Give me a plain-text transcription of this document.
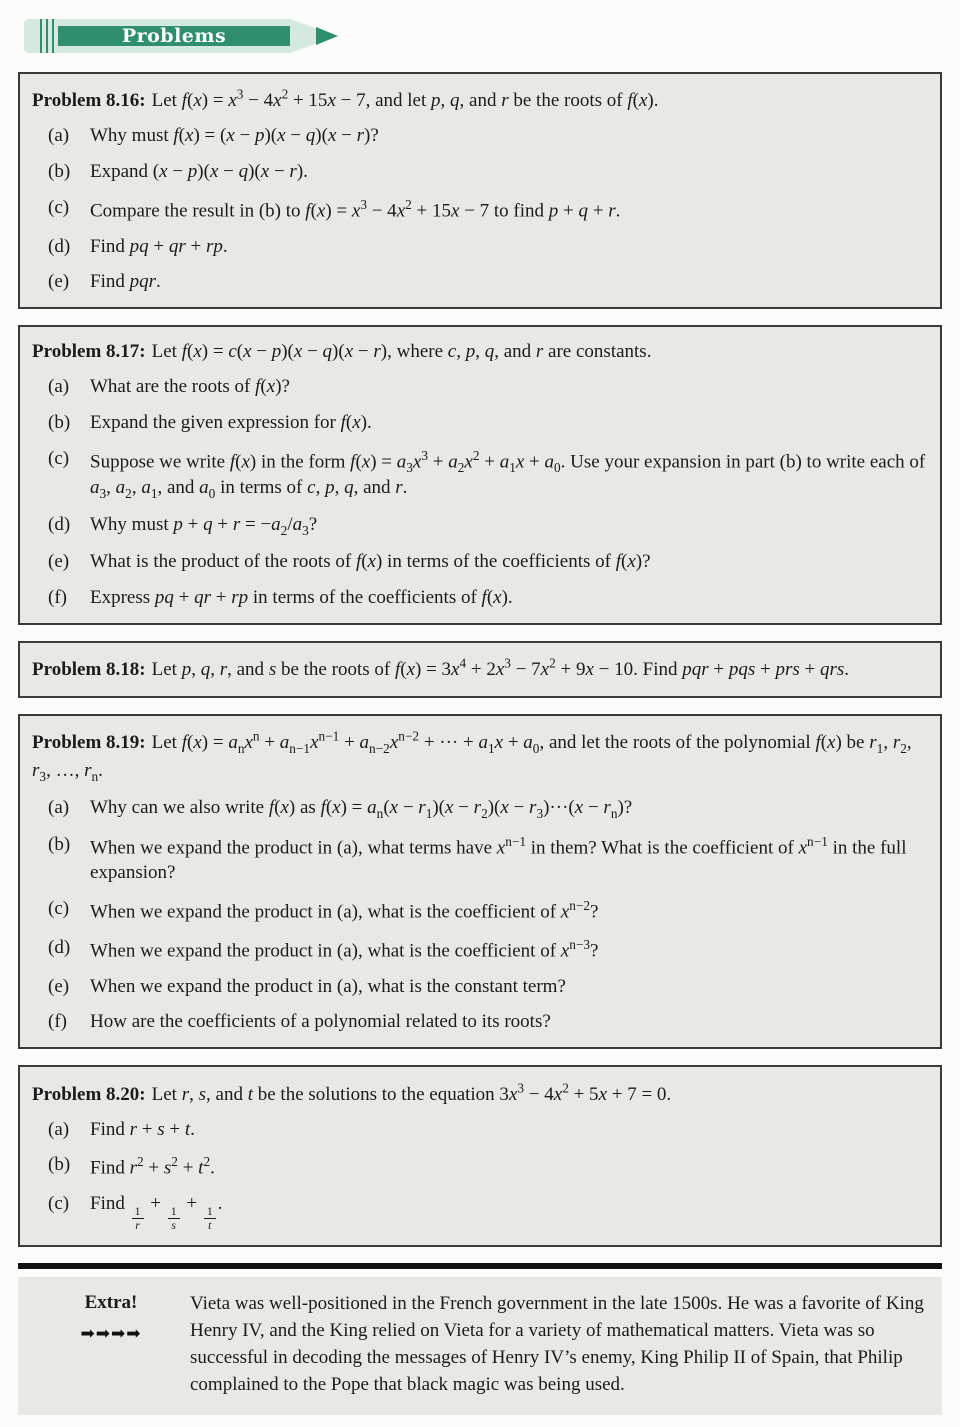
Problems

Problem 8.16: Let $f(x) = x^3 - 4x^2 + 15x - 7$, and let p, q, and r be the roots of f(x).

(a)	Why must f(x) = (x − p)(x − q)(x − r)?
(b)	Expand (x − p)(x − q)(x − r).
(c)	Compare the result in (b) to $f(x) = x^3 - 4x^2 + 15x - 7$ to find p + q + r.
(d)	Find pq + qr + rp.
(e)	Find pqr.

Problem 8.17: Let f(x) = c(x − p)(x − q)(x − r), where c, p, q, and r are constants.

(a)	What are the roots of f(x)?
(b)	Expand the given expression for f(x).
(c)	Suppose we write f(x) in the form $f(x) = a_3x^3 + a_2x^2 + a_1x + a_0$. Use your expansion in part (b) to write each of $a_3$, $a_2$, $a_1$, and $a_0$ in terms of c, p, q, and r.
(d)	Why must $p + q + r = -a_2/a_3$?
(e)	What is the product of the roots of f(x) in terms of the coefficients of f(x)?
(f)	Express pq + qr + rp in terms of the coefficients of f(x).

Problem 8.18: Let p, q, r, and s be the roots of $f(x) = 3x^4 + 2x^3 - 7x^2 + 9x - 10$. Find pqr + pqs + prs + qrs.

Problem 8.19: Let $f(x) = a_nx^n + a_{n-1}x^{n-1} + a_{n-2}x^{n-2}$ + ··· + $a_1x + a_0$, and let the roots of the polynomial f(x) be $r_1$, $r_2$, $r_3$, …, $r_n$.

(a)	Why can we also write f(x) as $f(x) = a_n(x - r_1)(x - r_2)(x - r_3)\cdot\cdot\cdot(x - r_n)$?
(b)	When we expand the product in (a), what terms have $x^{n-1}$ in them? What is the coefficient of $x^{n-1}$ in the full expansion?
(c)	When we expand the product in (a), what is the coefficient of $x^{n-2}$?
(d)	When we expand the product in (a), what is the coefficient of $x^{n-3}$?
(e)	When we expand the product in (a), what is the constant term?
(f)	How are the coefficients of a polynomial related to its roots?

Problem 8.20: Let r, s, and t be the solutions to the equation $3x^3 - 4x^2 + 5x + 7 = 0$.

(a)	Find r + s + t.
(b)	Find $r^2 + s^2 + t^2$.
(c)	Find
$\frac{1}{r}$
+
$\frac{1}{s}$
+
$\frac{1}{t}$
.
Extra!
➡➡➡➡

Vieta was well-positioned in the French government in the late 1500s. He was a favorite of King Henry IV, and the King relied on Vieta for a variety of mathematical matters. Vieta was so successful in decoding the messages of Henry IV’s enemy, King Philip II of Spain, that Philip complained to the Pope that black magic was being used.
